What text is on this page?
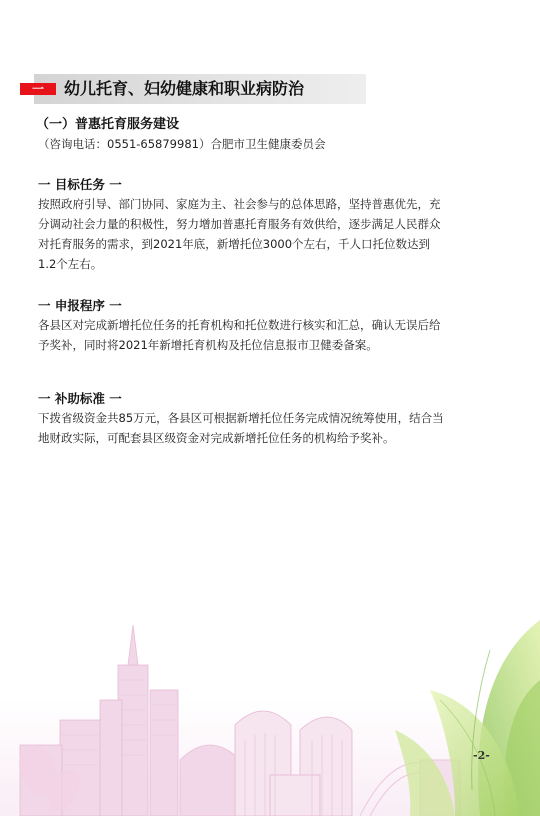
一	幼儿托育、妇幼健康和职业病防治
（一）普惠托育服务建设
（咨询电话：0551-65879981）合肥市卫生健康委员会
一 目标任务 一
按照政府引导、部门协同、家庭为主、社会参与的总体思路，坚持普惠优先，充
分调动社会力量的积极性，努力增加普惠托育服务有效供给，逐步满足人民群众
对托育服务的需求，到2021年底，新增托位3000个左右，千人口托位数达到
1.2个左右。
一 申报程序 一
各县区对完成新增托位任务的托育机构和托位数进行核实和汇总，确认无误后给
予奖补，同时将2021年新增托育机构及托位信息报市卫健委备案。
一 补助标准 一
下拨省级资金共85万元，各县区可根据新增托位任务完成情况统筹使用，结合当
地财政实际，可配套县区级资金对完成新增托位任务的机构给予奖补。
-2-
